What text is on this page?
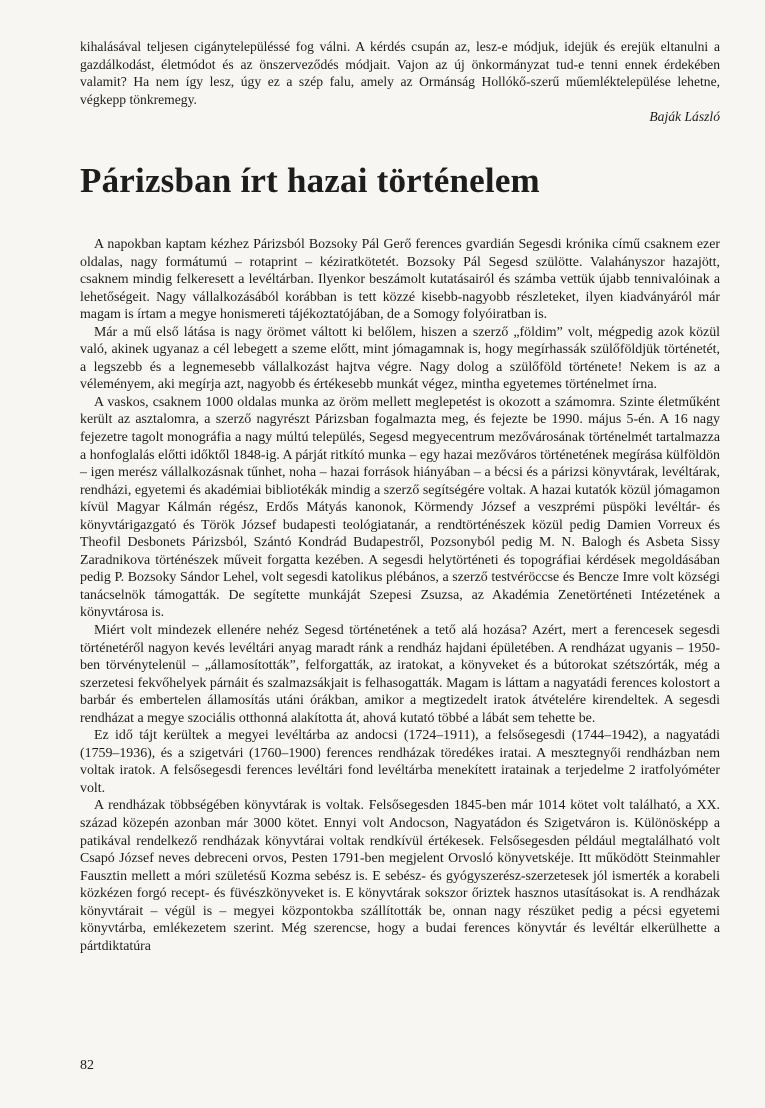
kihalásával teljesen cigánytelepüléssé fog válni. A kérdés csupán az, lesz-e módjuk, idejük és erejük eltanulni a gazdálkodást, életmódot és az önszerveződés módjait. Vajon az új önkormányzat tud-e tenni ennek érdekében valamit? Ha nem így lesz, úgy ez a szép falu, amely az Ormánság Hollókő-szerű műemléktelepülése lehetne, végkepp tönkremegy.

Baják László

Párizsban írt hazai történelem

A napokban kaptam kézhez Párizsból Bozsoky Pál Gerő ferences gvardián Segesdi krónika című csaknem ezer oldalas, nagy formátumú – rotaprint – kéziratkötetét. Bozsoky Pál Segesd szülötte. Valahányszor hazajött, csaknem mindig felkeresett a levéltárban. Ilyenkor beszámolt kutatásairól és számba vettük újabb tennivalóinak a lehetőségeit. Nagy vállalkozásából korábban is tett közzé kisebb-nagyobb részleteket, ilyen kiadványáról már magam is írtam a megye honismereti tájékoztatójában, de a Somogy folyóiratban is.

Már a mű első látása is nagy örömet váltott ki belőlem, hiszen a szerző „földim” volt, mégpedig azok közül való, akinek ugyanaz a cél lebegett a szeme előtt, mint jómagamnak is, hogy megírhassák szülőföldjük történetét, a legszebb és a legnemesebb vállalkozást hajtva végre. Nagy dolog a szülőföld története! Nekem is az a véleményem, aki megírja azt, nagyobb és értékesebb munkát végez, mintha egyetemes történelmet írna.

A vaskos, csaknem 1000 oldalas munka az öröm mellett meglepetést is okozott a számomra. Szinte életműként került az asztalomra, a szerző nagyrészt Párizsban fogalmazta meg, és fejezte be 1990. május 5-én. A 16 nagy fejezetre tagolt monográfia a nagy múltú település, Segesd megyecentrum mezővárosának történelmét tartalmazza a honfoglalás előtti időktől 1848-ig. A párját ritkító munka – egy hazai mezőváros történetének megírása külföldön – igen merész vállalkozásnak tűnhet, noha – hazai források hiányában – a bécsi és a párizsi könyvtárak, levéltárak, rendházi, egyetemi és akadémiai bibliotékák mindig a szerző segítségére voltak. A hazai kutatók közül jómagamon kívül Magyar Kálmán régész, Erdős Mátyás kanonok, Körmendy József a veszprémi püspöki levéltár- és könyvtárigazgató és Török József budapesti teológiatanár, a rendtörténészek közül pedig Damien Vorreux és Theofil Desbonets Párizsból, Szántó Kondrád Budapestről, Pozsonyból pedig M. N. Balogh és Asbeta Sissy Zaradnikova történészek műveit forgatta kezében. A segesdi helytörténeti és topográfiai kérdések megoldásában pedig P. Bozsoky Sándor Lehel, volt segesdi katolikus plébános, a szerző testvéröccse és Bencze Imre volt községi tanácselnök támogatták. De segítette munkáját Szepesi Zsuzsa, az Akadémia Zenetörténeti Intézetének a könyvtárosa is.

Miért volt mindezek ellenére nehéz Segesd történetének a tető alá hozása? Azért, mert a ferencesek segesdi történetéről nagyon kevés levéltári anyag maradt ránk a rendház hajdani épületében. A rendházat ugyanis – 1950-ben törvénytelenül – „államosították”, felforgatták, az iratokat, a könyveket és a bútorokat szétszórták, még a szerzetesi fekvőhelyek párnáit és szalmazsákjait is felhasogatták. Magam is láttam a nagyatádi ferences kolostort a barbár és embertelen államosítás utáni órákban, amikor a megtizedelt iratok átvételére kirendeltek. A segesdi rendházat a megye szociális otthonná alakította át, ahová kutató többé a lábát sem tehette be.

Ez idő tájt kerültek a megyei levéltárba az andocsi (1724–1911), a felsősegesdi (1744–1942), a nagyatádi (1759–1936), és a szigetvári (1760–1900) ferences rendházak töredékes iratai. A mesztegnyői rendházban nem voltak iratok. A felsősegesdi ferences levéltári fond levéltárba menekített iratainak a terjedelme 2 iratfolyóméter volt.

A rendházak többségében könyvtárak is voltak. Felsősegesden 1845-ben már 1014 kötet volt található, a XX. század közepén azonban már 3000 kötet. Ennyi volt Andocson, Nagyatádon és Szigetváron is. Különösképp a patikával rendelkező rendházak könyvtárai voltak rendkívül értékesek. Felsősegesden például megtalálható volt Csapó József neves debreceni orvos, Pesten 1791-ben megjelent Orvosló könyvetskéje. Itt működött Steinmahler Fausztin mellett a móri születésű Kozma sebész is. E sebész- és gyógyszerész-szerzetesek jól ismerték a korabeli közkézen forgó recept- és füvészkönyveket is. E könyvtárak sokszor őriztek hasznos utasításokat is. A rendházak könyvtárait – végül is – megyei központokba szállították be, onnan nagy részüket pedig a pécsi egyetemi könyvtárba, emlékezetem szerint. Még szerencse, hogy a budai ferences könyvtár és levéltár elkerülhette a pártdiktatúra

82
